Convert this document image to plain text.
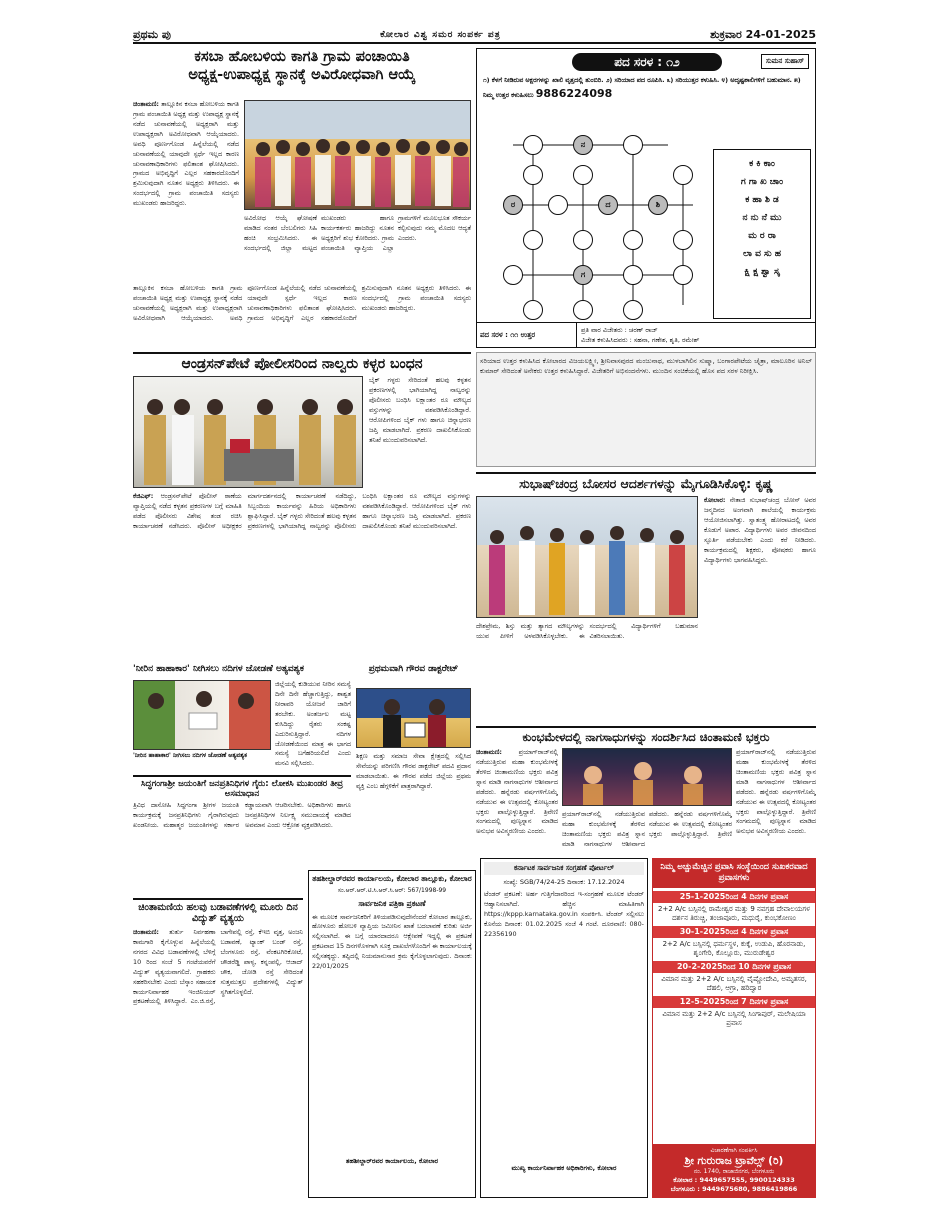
ಪ್ರಥಮ ಪು	ಕೋಲಾರ ವಿಶ್ವ ಸಮರ ಸಂಪರ್ಕ ಪತ್ರ	ಶುಕ್ರವಾರ 24-01-2025
ಕಸಬಾ ಹೋಬಳಿಯ ಕಾಗತಿ ಗ್ರಾಮ ಪಂಚಾಯಿತಿ
ಅಧ್ಯಕ್ಷ-ಉಪಾಧ್ಯಕ್ಷ ಸ್ಥಾನಕ್ಕೆ ಅವಿರೋಧವಾಗಿ ಆಯ್ಕೆ
ಚಿಂತಾಮಣಿ: ತಾಲ್ಲೂಕಿನ ಕಸಬಾ ಹೋಬಳಿಯ ಕಾಗತಿ ಗ್ರಾಮ ಪಂಚಾಯಿತಿ ಅಧ್ಯಕ್ಷ ಮತ್ತು ಉಪಾಧ್ಯಕ್ಷ ಸ್ಥಾನಕ್ಕೆ ನಡೆದ ಚುನಾವಣೆಯಲ್ಲಿ ಅಧ್ಯಕ್ಷರಾಗಿ ಮತ್ತು ಉಪಾಧ್ಯಕ್ಷರಾಗಿ ಅವಿರೋಧವಾಗಿ ಆಯ್ಕೆಯಾದರು. ಅವಧಿ ಪೂರ್ಣಗೊಂಡ ಹಿನ್ನೆಲೆಯಲ್ಲಿ ನಡೆದ ಚುನಾವಣೆಯಲ್ಲಿ ಯಾವುದೇ ಸ್ಪರ್ಧೆ ಇಲ್ಲದ ಕಾರಣ ಚುನಾವಣಾಧಿಕಾರಿಗಳು ಫಲಿತಾಂಶ ಘೋಷಿಸಿದರು. ಗ್ರಾಮದ ಅಭಿವೃದ್ಧಿಗೆ ಎಲ್ಲರ ಸಹಕಾರದೊಂದಿಗೆ ಶ್ರಮಿಸುವುದಾಗಿ ನೂತನ ಅಧ್ಯಕ್ಷರು ತಿಳಿಸಿದರು. ಈ ಸಂದರ್ಭದಲ್ಲಿ ಗ್ರಾಮ ಪಂಚಾಯಿತಿ ಸದಸ್ಯರು ಮುಖಂಡರು ಹಾಜರಿದ್ದರು.
ಅವಿರೋಧ ಆಯ್ಕೆ ಘೋಷಣೆ ಮಾಡಿದ ನಂತರ ಬೆಂಬಲಿಗರು ಸಿಹಿ ಹಂಚಿ ಸಂಭ್ರಮಿಸಿದರು. ಈ ಸಂದರ್ಭದಲ್ಲಿ ಜಿಲ್ಲಾ ಮಟ್ಟದ ಮುಖಂಡರು ಹಾಗೂ ಕಾರ್ಯಕರ್ತರು ಹಾಜರಿದ್ದು ನೂತನ ಅಧ್ಯಕ್ಷರಿಗೆ ಶುಭ ಕೋರಿದರು. ಗ್ರಾಮ ಪಂಚಾಯಿತಿ ವ್ಯಾಪ್ತಿಯ ಎಲ್ಲಾ ಗ್ರಾಮಗಳಿಗೆ ಮೂಲಭೂತ ಸೌಕರ್ಯ ಕಲ್ಪಿಸುವುದು ನಮ್ಮ ಮೊದಲ ಆದ್ಯತೆ ಎಂದರು.
ತಾಲ್ಲೂಕಿನ ಕಸಬಾ ಹೋಬಳಿಯ ಕಾಗತಿ ಗ್ರಾಮ ಪಂಚಾಯಿತಿ ಅಧ್ಯಕ್ಷ ಮತ್ತು ಉಪಾಧ್ಯಕ್ಷ ಸ್ಥಾನಕ್ಕೆ ನಡೆದ ಚುನಾವಣೆಯಲ್ಲಿ ಅಧ್ಯಕ್ಷರಾಗಿ ಮತ್ತು ಉಪಾಧ್ಯಕ್ಷರಾಗಿ ಅವಿರೋಧವಾಗಿ ಆಯ್ಕೆಯಾದರು. ಅವಧಿ ಪೂರ್ಣಗೊಂಡ ಹಿನ್ನೆಲೆಯಲ್ಲಿ ನಡೆದ ಚುನಾವಣೆಯಲ್ಲಿ ಯಾವುದೇ ಸ್ಪರ್ಧೆ ಇಲ್ಲದ ಕಾರಣ ಚುನಾವಣಾಧಿಕಾರಿಗಳು ಫಲಿತಾಂಶ ಘೋಷಿಸಿದರು. ಗ್ರಾಮದ ಅಭಿವೃದ್ಧಿಗೆ ಎಲ್ಲರ ಸಹಕಾರದೊಂದಿಗೆ ಶ್ರಮಿಸುವುದಾಗಿ ನೂತನ ಅಧ್ಯಕ್ಷರು ತಿಳಿಸಿದರು. ಈ ಸಂದರ್ಭದಲ್ಲಿ ಗ್ರಾಮ ಪಂಚಾಯಿತಿ ಸದಸ್ಯರು ಮುಖಂಡರು ಹಾಜರಿದ್ದರು.
ಪದ ಸರಳ : ೧೨	ಸುಮನ ಸುಹಾಸ್
೧) ಕೆಳಗೆ ನೀಡಿರುವ ಅಕ್ಷರಗಳನ್ನು ಖಾಲಿ ವೃತ್ತದಲ್ಲಿ ತುಂಬಿರಿ. ೨) ಸರಿಯಾದ ಪದ ರೂಪಿಸಿ. ೩) ಸರಿಯುತ್ತರ ಕಳುಹಿಸಿ. ೪) ಅದೃಷ್ಟಶಾಲಿಗಳಿಗೆ ಬಹುಮಾನ. ೫) ನಿಮ್ಮ ಉತ್ತರ ಕಳುಹಿಸಲು 9886224098
ನ
ರ	ದ	ಶಿ
ಗ
ಕ ಕಿ ಕಾಂ
ಗ ಗಾ ಖ ಚಾಂ
ಕ ಹಾ ಶಿ ಡ
ನ ನು ನೆ ಮು
ಮ ರ ರಾ
ಲಾ ವ ಸು ಹ
ಕ್ಷಿ ಕ್ಷ ಶ್ವಾ ಸ್ಕ
ಪದ ಸರಳ : ೧೧ ಉತ್ತರ
ಪ್ರತಿ ವಾರ ವಿಜೇತರು : ಚರಣ್ ರಾಜ್
ವಿಜೇತ ಕಳುಹಿಸಿದವರು : ಸಹನಾ, ಗಣೇಶ, ಶೃತಿ, ರಮೇಶ್
ಸರಿಯಾದ ಉತ್ತರ ಕಳುಹಿಸಿದ ಕೋಲಾರದ ವಿಜಯಲಕ್ಷ್ಮೀ, ಶ್ರೀನಿವಾಸಪುರದ ಮಂಜುನಾಥ, ಮುಳಬಾಗಿಲಿನ ಸುಷ್ಮಾ, ಬಂಗಾರಪೇಟೆಯ ಚೈತ್ರಾ, ಮಾಲೂರಿನ ಅನಿಲ್ ಕುಮಾರ್ ಸೇರಿದಂತೆ ಅನೇಕರು ಉತ್ತರ ಕಳುಹಿಸಿದ್ದಾರೆ. ವಿಜೇತರಿಗೆ ಅಭಿನಂದನೆಗಳು. ಮುಂದಿನ ಸಂಚಿಕೆಯಲ್ಲಿ ಹೊಸ ಪದ ಸರಳ ನಿರೀಕ್ಷಿಸಿ.
ಆಂಡ್ರಸನ್‌ಪೇಟೆ ಪೋಲೀಸರಿಂದ ನಾಲ್ವರು ಕಳ್ಳರ ಬಂಧನ
ಬೈಕ್ ಗಳ್ಳರು ಸೇರಿದಂತೆ ಹಲವು ಕಳ್ಳತನ ಪ್ರಕರಣಗಳಲ್ಲಿ ಭಾಗಿಯಾಗಿದ್ದ ನಾಲ್ವರನ್ನು ಪೊಲೀಸರು ಬಂಧಿಸಿ ಲಕ್ಷಾಂತರ ರೂ ಮೌಲ್ಯದ ವಸ್ತುಗಳನ್ನು ವಶಪಡಿಸಿಕೊಂಡಿದ್ದಾರೆ. ಆರೋಪಿಗಳಿಂದ ಬೈಕ್ ಗಳು ಹಾಗೂ ಚಿನ್ನಾಭರಣ ಜಪ್ತಿ ಮಾಡಲಾಗಿದೆ. ಪ್ರಕರಣ ದಾಖಲಿಸಿಕೊಂಡು ತನಿಖೆ ಮುಂದುವರಿಸಲಾಗಿದೆ.
ಕೆಜಿಎಫ್: ಆಂಡ್ರಸನ್‌ಪೇಟೆ ಪೊಲೀಸ್ ಠಾಣೆಯ ವ್ಯಾಪ್ತಿಯಲ್ಲಿ ನಡೆದ ಕಳ್ಳತನ ಪ್ರಕರಣಗಳ ಬಗ್ಗೆ ಮಾಹಿತಿ ಪಡೆದ ಪೊಲೀಸರು ವಿಶೇಷ ತಂಡ ರಚಿಸಿ ಕಾರ್ಯಾಚರಣೆ ನಡೆಸಿದರು. ಪೊಲೀಸ್ ಅಧೀಕ್ಷಕರ ಮಾರ್ಗದರ್ಶನದಲ್ಲಿ ಕಾರ್ಯಾಚರಣೆ ನಡೆದಿದ್ದು, ಸಿಬ್ಬಂದಿಯ ಕಾರ್ಯವನ್ನು ಹಿರಿಯ ಅಧಿಕಾರಿಗಳು ಶ್ಲಾಘಿಸಿದ್ದಾರೆ. ಬೈಕ್ ಗಳ್ಳರು ಸೇರಿದಂತೆ ಹಲವು ಕಳ್ಳತನ ಪ್ರಕರಣಗಳಲ್ಲಿ ಭಾಗಿಯಾಗಿದ್ದ ನಾಲ್ವರನ್ನು ಪೊಲೀಸರು ಬಂಧಿಸಿ ಲಕ್ಷಾಂತರ ರೂ ಮೌಲ್ಯದ ವಸ್ತುಗಳನ್ನು ವಶಪಡಿಸಿಕೊಂಡಿದ್ದಾರೆ. ಆರೋಪಿಗಳಿಂದ ಬೈಕ್ ಗಳು ಹಾಗೂ ಚಿನ್ನಾಭರಣ ಜಪ್ತಿ ಮಾಡಲಾಗಿದೆ. ಪ್ರಕರಣ ದಾಖಲಿಸಿಕೊಂಡು ತನಿಖೆ ಮುಂದುವರಿಸಲಾಗಿದೆ.
ಸುಭಾಷ್‌ಚಂದ್ರ ಬೋಸರ ಆದರ್ಶಗಳನ್ನು ಮೈಗೂಡಿಸಿಕೊಳ್ಳಿ: ಕೃಷ್ಣ
ಕೋಲಾರ: ನೇತಾಜಿ ಸುಭಾಷ್‌ಚಂದ್ರ ಬೋಸ್ ಅವರ ಜನ್ಮದಿನದ ಅಂಗವಾಗಿ ಶಾಲೆಯಲ್ಲಿ ಕಾರ್ಯಕ್ರಮ ಆಯೋಜಿಸಲಾಗಿತ್ತು. ಸ್ವಾತಂತ್ರ್ಯ ಹೋರಾಟದಲ್ಲಿ ಅವರ ಕೊಡುಗೆ ಅಪಾರ. ವಿದ್ಯಾರ್ಥಿಗಳು ಅವರ ಜೀವನದಿಂದ ಸ್ಫೂರ್ತಿ ಪಡೆಯಬೇಕು ಎಂದು ಕರೆ ನೀಡಿದರು. ಕಾರ್ಯಕ್ರಮದಲ್ಲಿ ಶಿಕ್ಷಕರು, ಪೋಷಕರು ಹಾಗೂ ವಿದ್ಯಾರ್ಥಿಗಳು ಭಾಗವಹಿಸಿದ್ದರು.
ದೇಶಪ್ರೇಮ, ಶಿಸ್ತು ಮತ್ತು ತ್ಯಾಗದ ಮೌಲ್ಯಗಳನ್ನು ಯುವ ಪೀಳಿಗೆ ಅಳವಡಿಸಿಕೊಳ್ಳಬೇಕು. ಈ ಸಂದರ್ಭದಲ್ಲಿ ವಿದ್ಯಾರ್ಥಿಗಳಿಗೆ ಬಹುಮಾನ ವಿತರಿಸಲಾಯಿತು.
'ನೀರಿನ ಹಾಹಾಕಾರ' ನೀಗಿಸಲು ನದಿಗಳ ಜೋಡಣೆ ಅತ್ಯವಶ್ಯಕ
ಜಿಲ್ಲೆಯಲ್ಲಿ ಕುಡಿಯುವ ನೀರಿನ ಸಮಸ್ಯೆ ದಿನೇ ದಿನೇ ಹೆಚ್ಚಾಗುತ್ತಿದ್ದು, ಶಾಶ್ವತ ನೀರಾವರಿ ಯೋಜನೆ ಜಾರಿಗೆ ತರಬೇಕು. ಅಂತರ್ಜಲ ಮಟ್ಟ ಕುಸಿದಿದ್ದು ರೈತರು ಸಂಕಷ್ಟ ಎದುರಿಸುತ್ತಿದ್ದಾರೆ. ನದಿಗಳ ಜೋಡಣೆಯಿಂದ ಮಾತ್ರ ಈ ಭಾಗದ ಸಮಸ್ಯೆ ಬಗೆಹರಿಯಲಿದೆ ಎಂದು ಮನವಿ ಸಲ್ಲಿಸಿದರು.
'ನೀರಿನ ಹಾಹಾಕಾರ' ನೀಗಿಸಲು ನದಿಗಳ ಜೋಡಣೆ ಅತ್ಯವಶ್ಯಕ
ಪ್ರಥಮವಾಗಿ ಗೌರವ ಡಾಕ್ಟರೇಟ್
ಶಿಕ್ಷಣ ಮತ್ತು ಸಮಾಜ ಸೇವಾ ಕ್ಷೇತ್ರದಲ್ಲಿ ಸಲ್ಲಿಸಿದ ಸೇವೆಯನ್ನು ಪರಿಗಣಿಸಿ ಗೌರವ ಡಾಕ್ಟರೇಟ್ ಪದವಿ ಪ್ರದಾನ ಮಾಡಲಾಯಿತು. ಈ ಗೌರವ ಪಡೆದ ಜಿಲ್ಲೆಯ ಪ್ರಥಮ ವ್ಯಕ್ತಿ ಎಂಬ ಹೆಗ್ಗಳಿಕೆಗೆ ಪಾತ್ರರಾಗಿದ್ದಾರೆ.
ಕುಂಭಮೇಳದಲ್ಲಿ ನಾಗಸಾಧುಗಳನ್ನು ಸಂದರ್ಶಿಸಿದ ಚಿಂತಾಮಣಿ ಭಕ್ತರು
ಚಿಂತಾಮಣಿ:	ಪ್ರಯಾಗ್‌ರಾಜ್‌ನಲ್ಲಿ ನಡೆಯುತ್ತಿರುವ ಮಹಾ ಕುಂಭಮೇಳಕ್ಕೆ ತೆರಳಿದ ಚಿಂತಾಮಣಿಯ ಭಕ್ತರು ಪವಿತ್ರ ಸ್ನಾನ ಮಾಡಿ ನಾಗಸಾಧುಗಳ ಆಶೀರ್ವಾದ ಪಡೆದರು. ಹನ್ನೆರಡು ವರ್ಷಗಳಿಗೊಮ್ಮೆ ನಡೆಯುವ ಈ ಉತ್ಸವದಲ್ಲಿ ಕೋಟ್ಯಂತರ ಭಕ್ತರು ಪಾಲ್ಗೊಳ್ಳುತ್ತಿದ್ದಾರೆ. ತ್ರಿವೇಣಿ ಸಂಗಮದಲ್ಲಿ ಪುಣ್ಯಸ್ನಾನ ಮಾಡಿದ ಅನುಭವ ಅವಿಸ್ಮರಣೀಯ ಎಂದರು.
ಪ್ರಯಾಗ್‌ರಾಜ್‌ನಲ್ಲಿ ನಡೆಯುತ್ತಿರುವ ಮಹಾ ಕುಂಭಮೇಳಕ್ಕೆ ತೆರಳಿದ ಚಿಂತಾಮಣಿಯ ಭಕ್ತರು ಪವಿತ್ರ ಸ್ನಾನ ಮಾಡಿ ನಾಗಸಾಧುಗಳ ಆಶೀರ್ವಾದ ಪಡೆದರು. ಹನ್ನೆರಡು ವರ್ಷಗಳಿಗೊಮ್ಮೆ ನಡೆಯುವ ಈ ಉತ್ಸವದಲ್ಲಿ ಕೋಟ್ಯಂತರ ಭಕ್ತರು ಪಾಲ್ಗೊಳ್ಳುತ್ತಿದ್ದಾರೆ. ತ್ರಿವೇಣಿ
ಪ್ರಯಾಗ್‌ರಾಜ್‌ನಲ್ಲಿ ನಡೆಯುತ್ತಿರುವ ಮಹಾ ಕುಂಭಮೇಳಕ್ಕೆ ತೆರಳಿದ ಚಿಂತಾಮಣಿಯ ಭಕ್ತರು ಪವಿತ್ರ ಸ್ನಾನ ಮಾಡಿ ನಾಗಸಾಧುಗಳ ಆಶೀರ್ವಾದ ಪಡೆದರು. ಹನ್ನೆರಡು ವರ್ಷಗಳಿಗೊಮ್ಮೆ ನಡೆಯುವ ಈ ಉತ್ಸವದಲ್ಲಿ ಕೋಟ್ಯಂತರ ಭಕ್ತರು ಪಾಲ್ಗೊಳ್ಳುತ್ತಿದ್ದಾರೆ. ತ್ರಿವೇಣಿ ಸಂಗಮದಲ್ಲಿ ಪುಣ್ಯಸ್ನಾನ ಮಾಡಿದ ಅನುಭವ ಅವಿಸ್ಮರಣೀಯ ಎಂದರು.
ಸಿದ್ಧಗಂಗಾಶ್ರೀ ಜಯಂತಿಗೆ ಜನಪ್ರತಿನಿಧಿಗಳ ಗೈರು: ಲೋಕಸಿ ಮುಖಂಡರ ತೀವ್ರ ಅಸಮಾಧಾನ
ತ್ರಿವಿಧ ದಾಸೋಹಿ ಸಿದ್ಧಗಂಗಾ ಶ್ರೀಗಳ ಜಯಂತಿ ಕಾರ್ಯಕ್ರಮಕ್ಕೆ ಜನಪ್ರತಿನಿಧಿಗಳು ಗೈರಾಗಿರುವುದು ಖಂಡನೀಯ. ಮಹಾತ್ಮರ ಜಯಂತಿಗಳನ್ನು ಸರ್ಕಾರ ಕಡ್ಡಾಯವಾಗಿ ಆಚರಿಸಬೇಕು. ಅಧಿಕಾರಿಗಳು ಹಾಗೂ ಜನಪ್ರತಿನಿಧಿಗಳ ನಿರ್ಲಕ್ಷ್ಯ ಸಮುದಾಯಕ್ಕೆ ಮಾಡಿದ ಅವಮಾನ ಎಂದು ಆಕ್ರೋಶ ವ್ಯಕ್ತಪಡಿಸಿದರು.
ಚಿಂತಾಮಣಿಯ ಹಲವು ಬಡಾವಣೆಗಳಲ್ಲಿ ಮೂರು ದಿನ ವಿದ್ಯುತ್ ವ್ಯತ್ಯಯ
ಚಿಂತಾಮಣಿ: ತುರ್ತು ನಿರ್ವಹಣಾ ಕಾಮಗಾರಿ ಕೈಗೊಳ್ಳುವ ಹಿನ್ನೆಲೆಯಲ್ಲಿ ನಗರದ ವಿವಿಧ ಬಡಾವಣೆಗಳಲ್ಲಿ ಬೆಳಿಗ್ಗೆ 10 ರಿಂದ ಸಂಜೆ 5 ಗಂಟೆಯವರೆಗೆ ವಿದ್ಯುತ್ ವ್ಯತ್ಯಯವಾಗಲಿದೆ. ಗ್ರಾಹಕರು ಸಹಕರಿಸಬೇಕು ಎಂದು ಬೆಸ್ಕಾಂ ಸಹಾಯಕ ಕಾರ್ಯನಿರ್ವಾಹಕ ಇಂಜಿನಿಯರ್ ಪ್ರಕಟಣೆಯಲ್ಲಿ ತಿಳಿಸಿದ್ದಾರೆ. ಎಂ.ಜಿ.ರಸ್ತೆ, ಬಾಗೇಪಲ್ಲಿ ರಸ್ತೆ, ಕೆಇಬಿ ವೃತ್ತ, ಅಂಜನಿ ಬಡಾವಣೆ, ಟ್ಯಾಂಕ್ ಬಂಡ್ ರಸ್ತೆ, ಬೆಂಗಳೂರು ರಸ್ತೆ, ವೆಂಕಟಗಿರಿಕೋಟೆ, ಚೌಡರೆಡ್ಡಿ ಪಾಳ್ಯ, ಕನ್ನಂಪಲ್ಲಿ, ಆಜಾದ್ ಚೌಕ, ಜೋಡಿ ರಸ್ತೆ ಸೇರಿದಂತೆ ಸುತ್ತಮುತ್ತಲ ಪ್ರದೇಶಗಳಲ್ಲಿ ವಿದ್ಯುತ್ ಸ್ಥಗಿತಗೊಳ್ಳಲಿದೆ.
ತಹಶೀಲ್ದಾರ್‌ರವರ ಕಾರ್ಯಾಲಯ, ಕೋಲಾರ ತಾಲ್ಲೂಕು, ಕೋಲಾರ
ಸಂ.ಆರ್.ಆರ್.ಟಿ.ಸಿ.ಆರ್.ಸಿ.ಆರ್: 567/1998-99
ಸಾರ್ವಜನಿಕ ಪತ್ರಿಕಾ ಪ್ರಕಟಣೆ
ಈ ಮೂಲಕ ಸಾರ್ವಜನಿಕರಿಗೆ ತಿಳಿಯಪಡಿಸುವುದೇನೆಂದರೆ ಕೋಲಾರ ತಾಲ್ಲೂಕು, ಹೋಳೂರು ಹೋಬಳಿ ವ್ಯಾಪ್ತಿಯ ಜಮೀನಿನ ಖಾತೆ ಬದಲಾವಣೆ ಕುರಿತು ಅರ್ಜಿ ಸಲ್ಲಿಸಲಾಗಿದೆ. ಈ ಬಗ್ಗೆ ಯಾರದಾದರೂ ಆಕ್ಷೇಪಣೆ ಇದ್ದಲ್ಲಿ ಈ ಪ್ರಕಟಣೆ ಪ್ರಕಟವಾದ 15 ದಿನಗಳೊಳಗಾಗಿ ಸೂಕ್ತ ದಾಖಲೆಗಳೊಂದಿಗೆ ಈ ಕಾರ್ಯಾಲಯಕ್ಕೆ ಸಲ್ಲಿಸತಕ್ಕದ್ದು. ತಪ್ಪಿದಲ್ಲಿ ನಿಯಮಾನುಸಾರ ಕ್ರಮ ಕೈಗೊಳ್ಳಲಾಗುವುದು. ದಿನಾಂಕ: 22/01/2025
ತಹಶೀಲ್ದಾರ್‌ರವರ ಕಾರ್ಯಾಲಯ, ಕೋಲಾರ
ಕರ್ನಾಟಕ ಸಾರ್ವಜನಿಕ ಸಂಗ್ರಹಣೆ ಪೋರ್ಟಲ್
ಸಂಖ್ಯೆ: SGB/74/24-25 ದಿನಾಂಕ: 17.12.2024
ಟೆಂಡರ್ ಪ್ರಕಟಣೆ: ಅರ್ಹ ಗುತ್ತಿಗೆದಾರರಿಂದ ಇ-ಸಂಗ್ರಹಣೆ ಮೂಲಕ ಟೆಂಡರ್ ಆಹ್ವಾನಿಸಲಾಗಿದೆ. ಹೆಚ್ಚಿನ ಮಾಹಿತಿಗಾಗಿ https://kppp.karnataka.gov.in ಸಂಪರ್ಕಿಸಿ. ಟೆಂಡರ್ ಸಲ್ಲಿಸಲು ಕೊನೆಯ ದಿನಾಂಕ: 01.02.2025 ಸಂಜೆ 4 ಗಂಟೆ. ದೂರವಾಣಿ: 080-22356190
ಮುಖ್ಯ ಕಾರ್ಯನಿರ್ವಾಹಕ ಅಧಿಕಾರಿಗಳು, ಕೋಲಾರ
ನಿಮ್ಮ ಅಚ್ಚುಮೆಚ್ಚಿನ ಪ್ರವಾಸಿ ಸಂಸ್ಥೆಯಿಂದ ಸುಖಕರವಾದ ಪ್ರವಾಸಗಳು
25-1-2025ರಿಂದ 4 ದಿನಗಳ ಪ್ರವಾಸ
2+2 A/c ಬಸ್ಸಿನಲ್ಲಿ ರಾಮೇಶ್ವರ ಮತ್ತು 9 ನವಗ್ರಹ ದೇವಾಲಯಗಳ ದರ್ಶನ ತಿರುಚ್ಚಿ, ತಂಜಾವೂರು, ಮಧುರೈ, ಕುಂಭಕೋಣಂ
30-1-2025ರಿಂದ 4 ದಿನಗಳ ಪ್ರವಾಸ
2+2 A/c ಬಸ್ಸಿನಲ್ಲಿ ಧರ್ಮಸ್ಥಳ, ಕುಕ್ಕೆ, ಉಡುಪಿ, ಹೊರನಾಡು, ಶೃಂಗೇರಿ, ಕೊಲ್ಲೂರು, ಮುರುಡೇಶ್ವರ
20-2-2025ರಿಂದ 10 ದಿನಗಳ ಪ್ರವಾಸ
ವಿಮಾನ ಮತ್ತು 2+2 A/c ಬಸ್ಸಿನಲ್ಲಿ ವೈಷ್ಣೋದೇವಿ, ಅಮೃತಸರ, ದೆಹಲಿ, ಆಗ್ರಾ, ಹರಿದ್ವಾರ
12-5-2025ರಿಂದ 7 ದಿನಗಳ ಪ್ರವಾಸ
ವಿಮಾನ ಮತ್ತು 2+2 A/c ಬಸ್ಸಿನಲ್ಲಿ ಸಿಂಗಾಪುರ್, ಮಲೇಷಿಯಾ ಪ್ರವಾಸ
ವಿಚಾರಣೆಗಾಗಿ ಸಂಪರ್ಕಿಸಿ
ಶ್ರೀ ಗುರುರಾಜ ಟ್ರಾವೆಲ್ಸ್ (ರಿ)
ನಂ. 1740, ರಾಜಾಜಿನಗರ, ಬೆಂಗಳೂರು
ಕೋಲಾರ : 9449657555, 9900124333
ಬೆಂಗಳೂರು : 9449675680, 9886419866
